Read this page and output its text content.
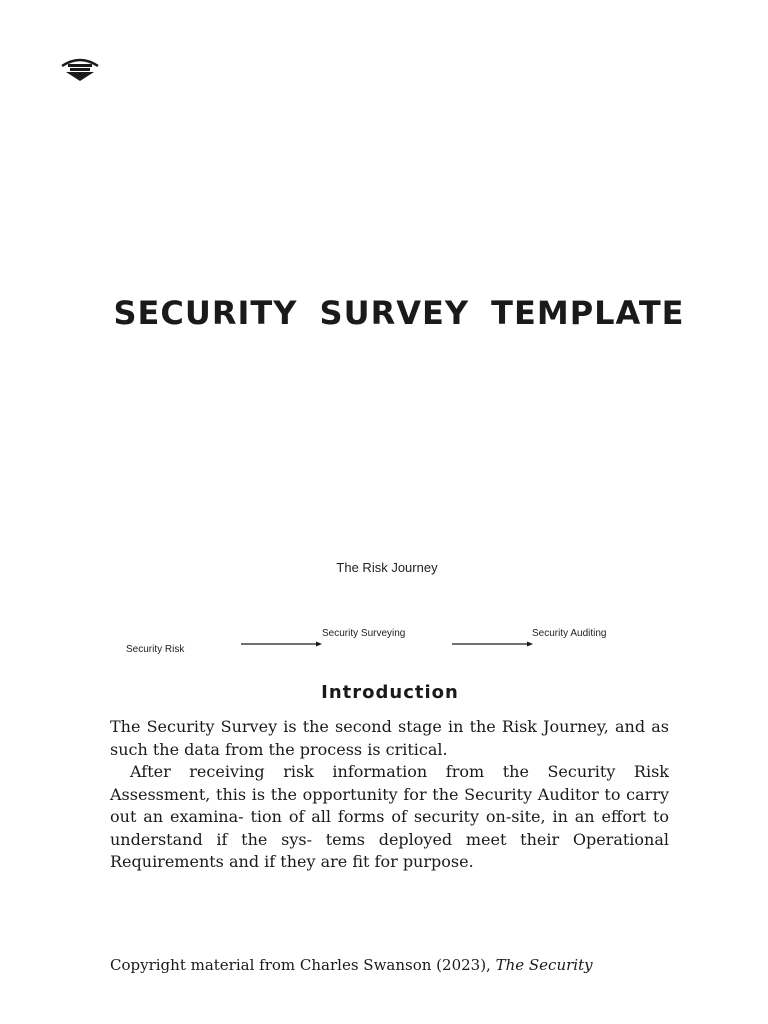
SECURITY SURVEY TEMPLATE
The Risk Journey
Security Risk
Security Surveying	Security Auditing
Introduction

The Security Survey is the second stage in the Risk Journey, and as such the data from the process is critical.

After receiving risk information from the Security Risk Assessment, this is the opportunity for the Security Auditor to carry out an examina- tion of all forms of security on-site, in an effort to understand if the sys- tems deployed meet their Operational Requirements and if they are fit for purpose.

Copyright material from Charles Swanson (2023), The Security
